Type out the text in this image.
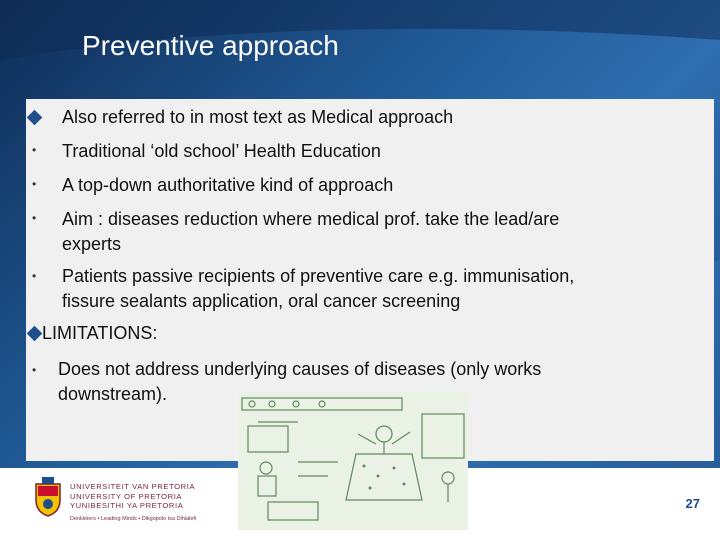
Preventive approach
Also referred to in most text as Medical approach
• Traditional ‘old school’ Health Education
• A top-down authoritative kind of approach
• Aim : diseases reduction where medical prof. take the lead/are
experts
• Patients passive recipients of preventive care e.g. immunisation,
fissure sealants application, oral cancer screening
LIMITATIONS:
• Does not address underlying causes of diseases (only works
downstream).
UNIVERSITEIT VAN PRETORIA
UNIVERSITY OF PRETORIA
YUNIBESITHI YA PRETORIA
Denkleiers • Leading Minds • Dikgopolo tsa Dihlalefi
27
